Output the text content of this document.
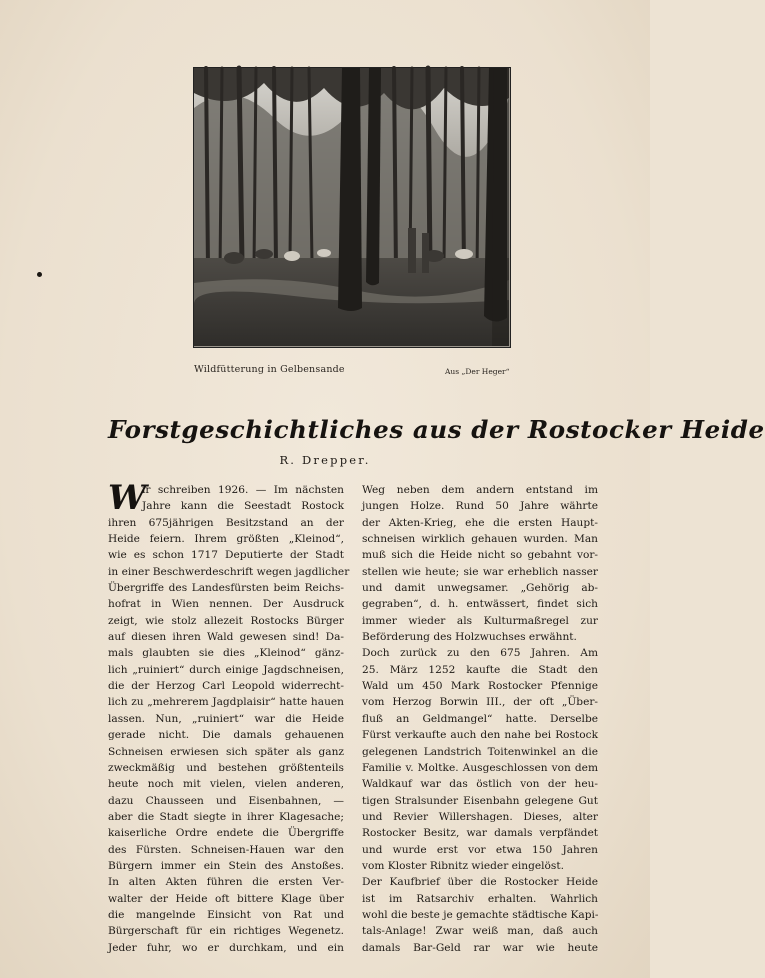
Wildfütterung in Gelbensande	Aus „Der Heger“
Forstgeschichtliches aus der Rostocker Heide
R. Drepper.
W
ir schreiben 1926. — Im nächsten
Jahre kann die Seestadt Rostock
ihren 675jährigen Besitzstand an der
Heide feiern. Ihrem größten „Kleinod“,
wie es schon 1717 Deputierte der Stadt
in einer Beschwerdeschrift wegen jagdlicher
Übergriffe des Landesfürsten beim Reichs-
hofrat in Wien nennen. Der Ausdruck
zeigt, wie stolz allezeit Rostocks Bürger
auf diesen ihren Wald gewesen sind! Da-
mals glaubten sie dies „Kleinod“ gänz-
lich „ruiniert“ durch einige Jagdschneisen,
die der Herzog Carl Leopold widerrecht-
lich zu „mehrerem Jagdplaisir“ hatte hauen
lassen. Nun, „ruiniert“ war die Heide
gerade nicht. Die damals gehauenen
Schneisen erwiesen sich später als ganz
zweckmäßig und bestehen größtenteils
heute noch mit vielen, vielen anderen,
dazu Chausseen und Eisenbahnen, —
aber die Stadt siegte in ihrer Klagesache;
kaiserliche Ordre endete die Übergriffe
des Fürsten. Schneisen-Hauen war den
Bürgern immer ein Stein des Anstoßes.
In alten Akten führen die ersten Ver-
walter der Heide oft bittere Klage über
die mangelnde Einsicht von Rat und
Bürgerschaft für ein richtiges Wegenetz.
Jeder fuhr, wo er durchkam, und ein
Weg neben dem andern entstand im
jungen Holze. Rund 50 Jahre währte
der Akten-Krieg, ehe die ersten Haupt-
schneisen wirklich gehauen wurden. Man
muß sich die Heide nicht so gebahnt vor-
stellen wie heute; sie war erheblich nasser
und damit unwegsamer. „Gehörig ab-
gegraben“, d. h. entwässert, findet sich
immer wieder als Kulturmaßregel zur
Beförderung des Holzwuchses erwähnt.
Doch zurück zu den 675 Jahren. Am
25. März 1252 kaufte die Stadt den
Wald um 450 Mark Rostocker Pfennige
vom Herzog Borwin III., der oft „Über-
fluß an Geldmangel“ hatte. Derselbe
Fürst verkaufte auch den nahe bei Rostock
gelegenen Landstrich Toitenwinkel an die
Familie v. Moltke. Ausgeschlossen von dem
Waldkauf war das östlich von der heu-
tigen Stralsunder Eisenbahn gelegene Gut
und Revier Willershagen. Dieses, alter
Rostocker Besitz, war damals verpfändet
und wurde erst vor etwa 150 Jahren
vom Kloster Ribnitz wieder eingelöst.
Der Kaufbrief über die Rostocker Heide
ist im Ratsarchiv erhalten. Wahrlich
wohl die beste je gemachte städtische Kapi-
tals-Anlage! Zwar weiß man, daß auch
damals Bar-Geld rar war wie heute
